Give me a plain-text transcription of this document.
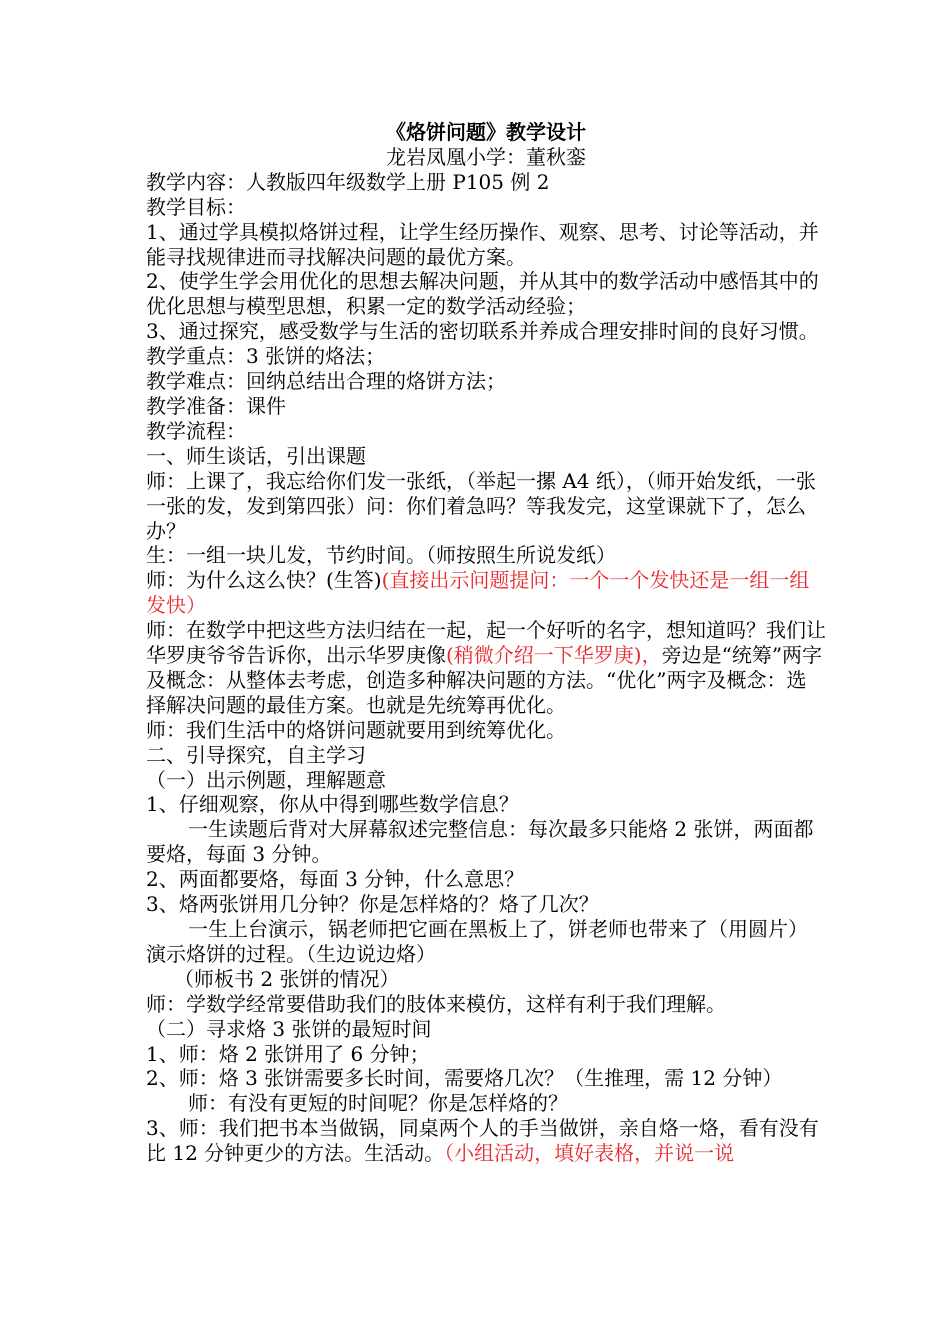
《烙饼问题》教学设计

龙岩凤凰小学：董秋銮

教学内容：人教版四年级数学上册 P105 例 2

教学目标：

1、通过学具模拟烙饼过程，让学生经历操作、观察、思考、讨论等活动，并能寻找规律进而寻找解决问题的最优方案。

2、使学生学会用优化的思想去解决问题，并从其中的数学活动中感悟其中的优化思想与模型思想，积累一定的数学活动经验；

3、通过探究，感受数学与生活的密切联系并养成合理安排时间的良好习惯。

教学重点：3 张饼的烙法；

教学难点：回纳总结出合理的烙饼方法；

教学准备：课件

教学流程：

一、师生谈话，引出课题

师：上课了，我忘给你们发一张纸，（举起一摞 A4 纸），（师开始发纸，一张一张的发，发到第四张）问：你们着急吗？等我发完，这堂课就下了，怎么办？

生：一组一块儿发，节约时间。（师按照生所说发纸）

师：为什么这么快？(生答)(直接出示问题提问：一个一个发快还是一组一组发快）

师：在数学中把这些方法归结在一起，起一个好听的名字，想知道吗？我们让华罗庚爷爷告诉你，出示华罗庚像(稍微介绍一下华罗庚)，旁边是“统筹”两字及概念：从整体去考虑，创造多种解决问题的方法。“优化”两字及概念：选择解决问题的最佳方案。也就是先统筹再优化。

师：我们生活中的烙饼问题就要用到统筹优化。

二、引导探究，自主学习

（一）出示例题，理解题意

1、仔细观察，你从中得到哪些数学信息？

一生读题后背对大屏幕叙述完整信息：每次最多只能烙 2 张饼，两面都要烙，每面 3 分钟。

2、两面都要烙，每面 3 分钟，什么意思？

3、烙两张饼用几分钟？你是怎样烙的？烙了几次？

一生上台演示，锅老师把它画在黑板上了，饼老师也带来了（用圆片）演示烙饼的过程。（生边说边烙）

（师板书 2 张饼的情况）

师：学数学经常要借助我们的肢体来模仿，这样有利于我们理解。

（二）寻求烙 3 张饼的最短时间

1、师：烙 2 张饼用了 6 分钟；

2、师：烙 3 张饼需要多长时间，需要烙几次？（生推理，需 12 分钟）

师：有没有更短的时间呢？你是怎样烙的？

3、师：我们把书本当做锅，同桌两个人的手当做饼，亲自烙一烙，看有没有比 12 分钟更少的方法。生活动。（小组活动，填好表格，并说一说
